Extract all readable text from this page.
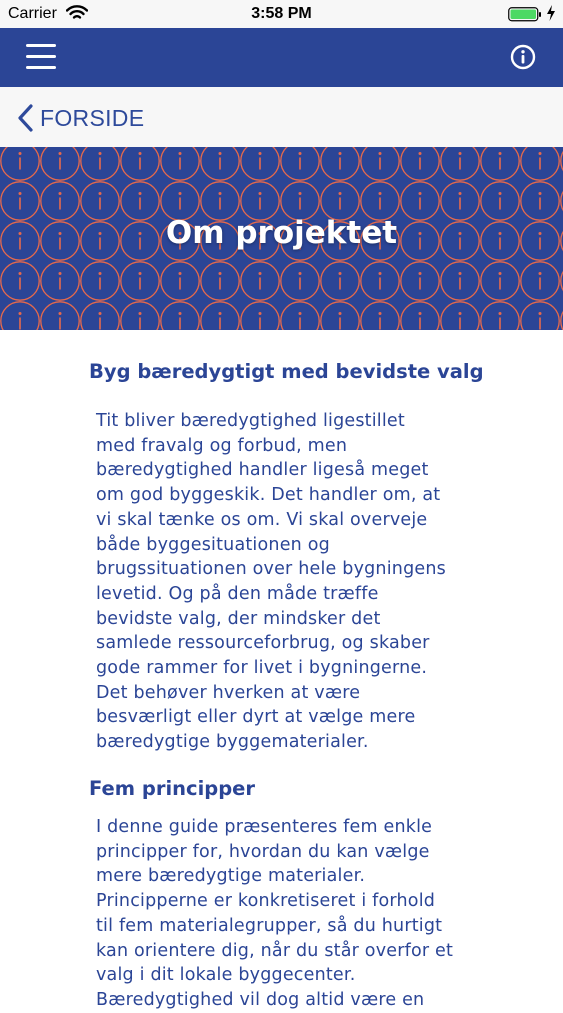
Carrier	3:58 PM
FORSIDE
Om projektet
Byg bæredygtigt med bevidste valg

Tit bliver bæredygtighed ligestillet
med fravalg og forbud, men
bæredygtighed handler ligeså meget
om god byggeskik. Det handler om, at
vi skal tænke os om. Vi skal overveje
både byggesituationen og
brugssituationen over hele bygningens
levetid. Og på den måde træffe
bevidste valg, der mindsker det
samlede ressourceforbrug, og skaber
gode rammer for livet i bygningerne.
Det behøver hverken at være
besværligt eller dyrt at vælge mere
bæredygtige byggematerialer.

Fem principper

I denne guide præsenteres fem enkle
principper for, hvordan du kan vælge
mere bæredygtige materialer.
Principperne er konkretiseret i forhold
til fem materialegrupper, så du hurtigt
kan orientere dig, når du står overfor et
valg i dit lokale byggecenter.
Bæredygtighed vil dog altid være en
